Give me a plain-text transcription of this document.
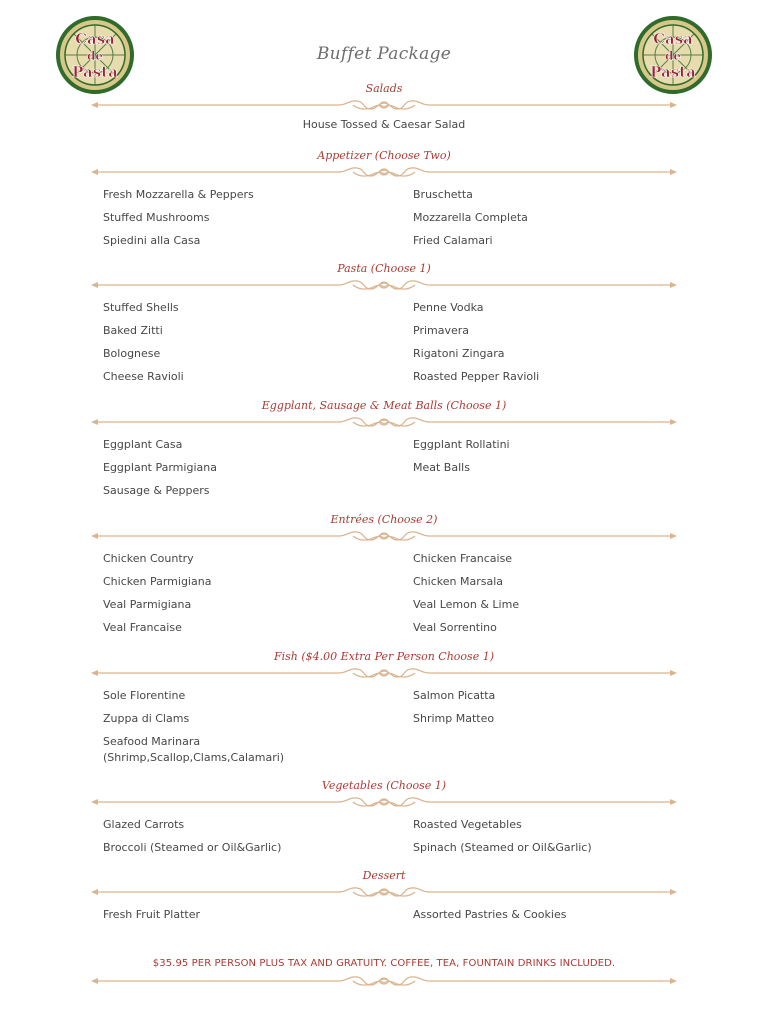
Casa
de
Pasta
Casa
de
Pasta
Buffet Package
Salads
House Tossed & Caesar Salad
Appetizer (Choose Two)
Fresh Mozzarella & Peppers	Bruschetta
Stuffed Mushrooms	Mozzarella Completa
Spiedini alla Casa	Fried Calamari
Pasta (Choose 1)
Stuffed Shells	Penne Vodka
Baked Zitti	Primavera
Bolognese	Rigatoni Zingara
Cheese Ravioli	Roasted Pepper Ravioli
Eggplant, Sausage & Meat Balls (Choose 1)
Eggplant Casa	Eggplant Rollatini
Eggplant Parmigiana	Meat Balls
Sausage & Peppers
Entrées (Choose 2)
Chicken Country	Chicken Francaise
Chicken Parmigiana	Chicken Marsala
Veal Parmigiana	Veal Lemon & Lime
Veal Francaise	Veal Sorrentino
Fish ($4.00 Extra Per Person Choose 1)
Sole Florentine	Salmon Picatta
Zuppa di Clams	Shrimp Matteo
Seafood Marinara
(Shrimp,Scallop,Clams,Calamari)
Vegetables (Choose 1)
Glazed Carrots	Roasted Vegetables
Broccoli (Steamed or Oil&Garlic)	Spinach (Steamed or Oil&Garlic)
Dessert
Fresh Fruit Platter	Assorted Pastries & Cookies
$35.95 PER PERSON PLUS TAX AND GRATUITY. COFFEE, TEA, FOUNTAIN DRINKS INCLUDED.
